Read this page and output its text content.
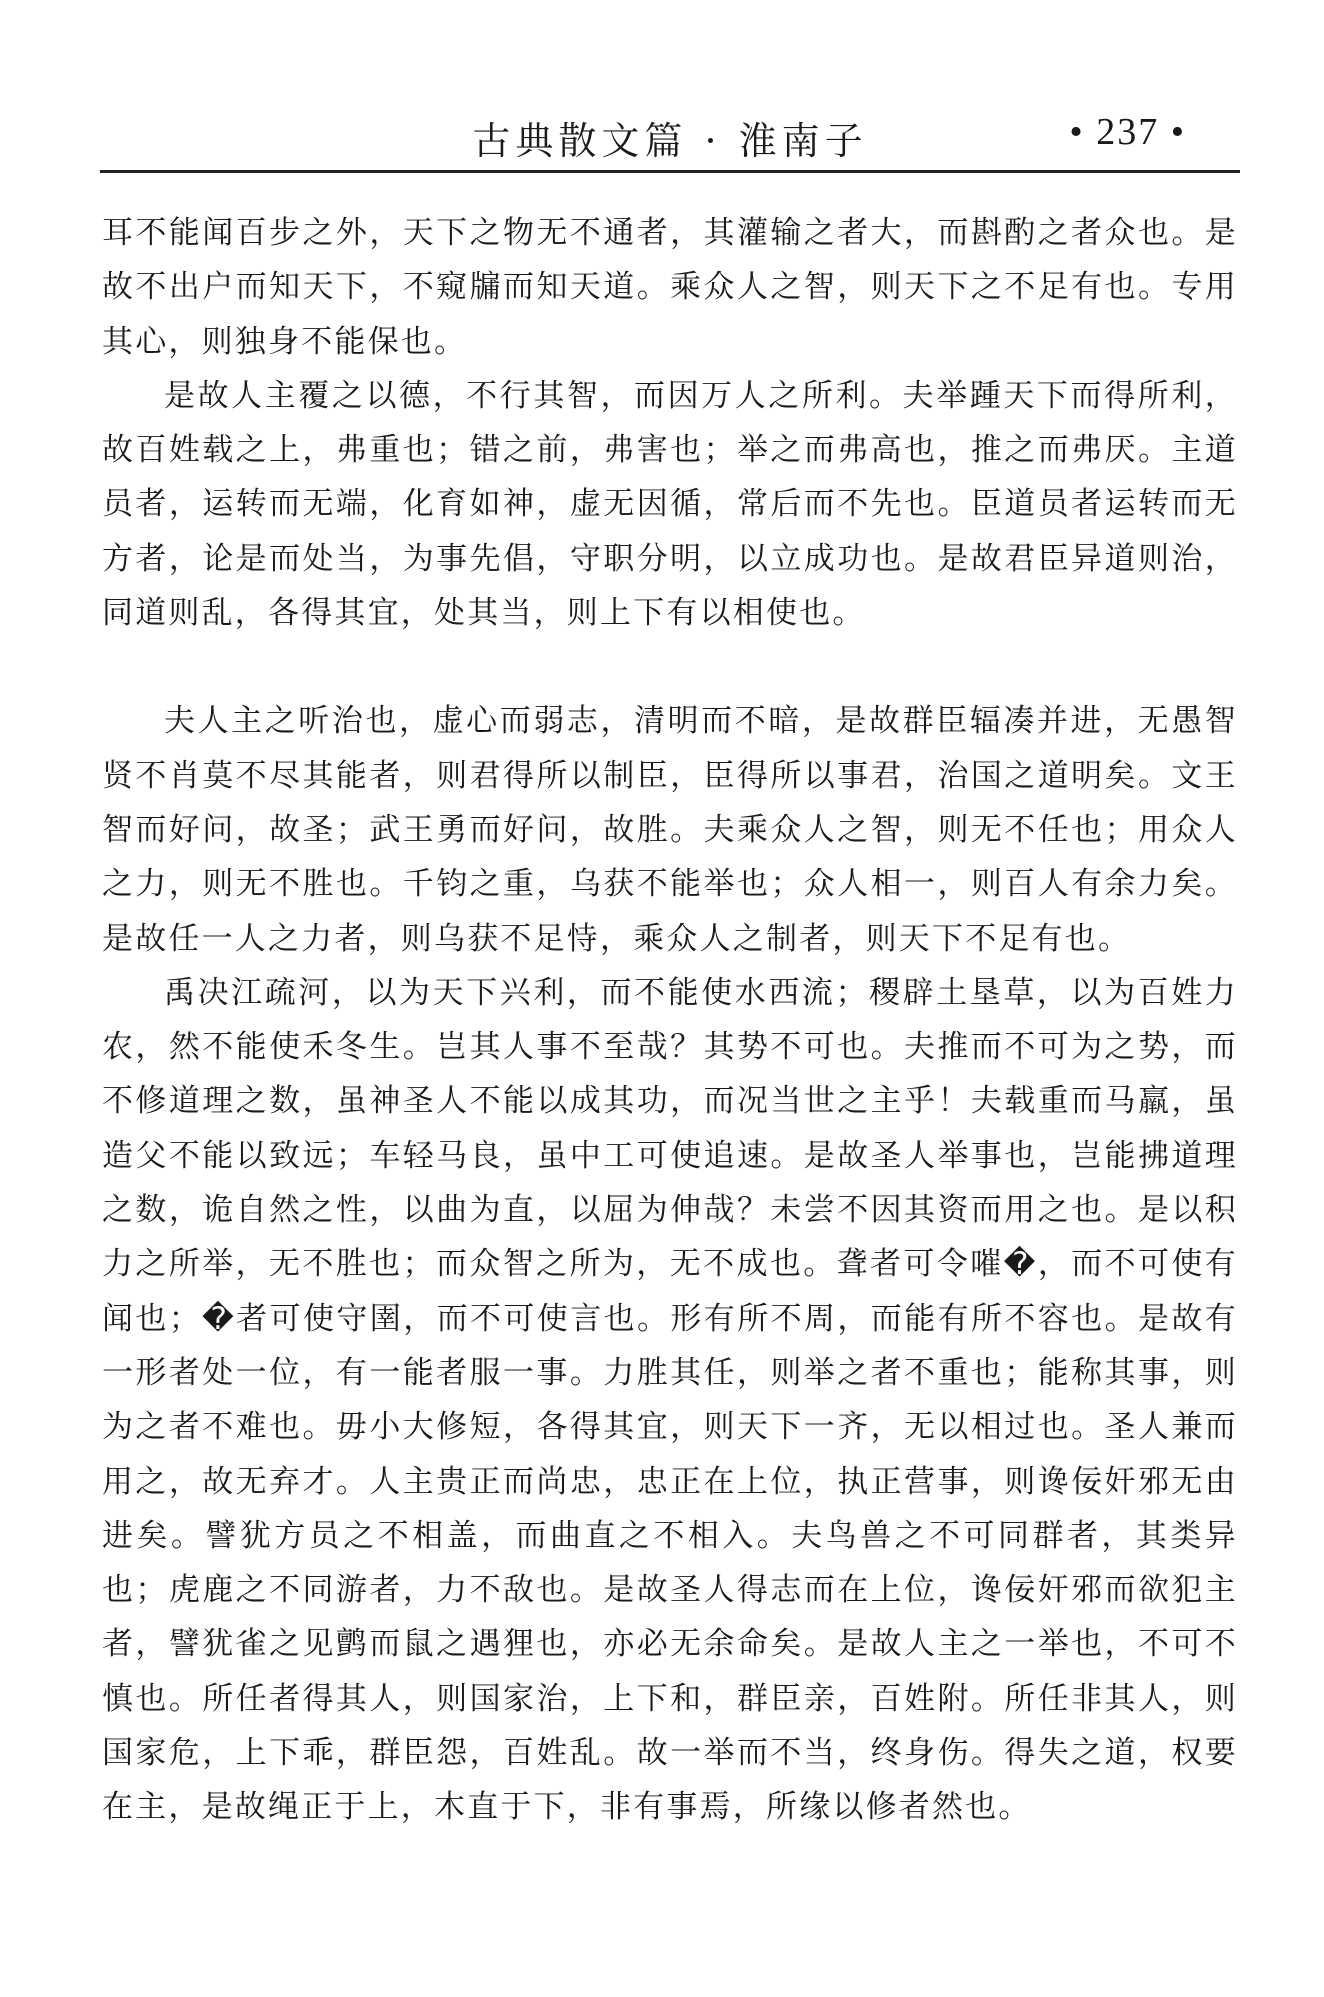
古典散文篇 · 淮南子	• 237 •

耳不能闻百步之外，天下之物无不通者，其灌输之者大，而斟酌之者众也。是故不出户而知天下，不窥牖而知天道。乘众人之智，则天下之不足有也。专用其心，则独身不能保也。

是故人主覆之以德，不行其智，而因万人之所利。夫举踵天下而得所利，故百姓载之上，弗重也；错之前，弗害也；举之而弗高也，推之而弗厌。主道员者，运转而无端，化育如神，虚无因循，常后而不先也。臣道员者运转而无方者，论是而处当，为事先倡，守职分明，以立成功也。是故君臣异道则治，同道则乱，各得其宜，处其当，则上下有以相使也。

夫人主之听治也，虚心而弱志，清明而不暗，是故群臣辐凑并进，无愚智贤不肖莫不尽其能者，则君得所以制臣，臣得所以事君，治国之道明矣。文王智而好问，故圣；武王勇而好问，故胜。夫乘众人之智，则无不任也；用众人之力，则无不胜也。千钧之重，乌获不能举也；众人相一，则百人有余力矣。是故任一人之力者，则乌获不足恃，乘众人之制者，则天下不足有也。

禹决江疏河，以为天下兴利，而不能使水西流；稷辟土垦草，以为百姓力农，然不能使禾冬生。岂其人事不至哉？其势不可也。夫推而不可为之势，而不修道理之数，虽神圣人不能以成其功，而况当世之主乎！夫载重而马羸，虽造父不能以致远；车轻马良，虽中工可使追速。是故圣人举事也，岂能拂道理之数，诡自然之性，以曲为直，以屈为伸哉？未尝不因其资而用之也。是以积力之所举，无不胜也；而众智之所为，无不成也。聋者可令嗺�，而不可使有闻也；�者可使守圉，而不可使言也。形有所不周，而能有所不容也。是故有一形者处一位，有一能者服一事。力胜其任，则举之者不重也；能称其事，则为之者不难也。毋小大修短，各得其宜，则天下一齐，无以相过也。圣人兼而用之，故无弃才。人主贵正而尚忠，忠正在上位，执正营事，则谗佞奸邪无由进矣。譬犹方员之不相盖，而曲直之不相入。夫鸟兽之不可同群者，其类异也；虎鹿之不同游者，力不敌也。是故圣人得志而在上位，谗佞奸邪而欲犯主者，譬犹雀之见鹯而鼠之遇狸也，亦必无余命矣。是故人主之一举也，不可不慎也。所任者得其人，则国家治，上下和，群臣亲，百姓附。所任非其人，则国家危，上下乖，群臣怨，百姓乱。故一举而不当，终身伤。得失之道，权要在主，是故绳正于上，木直于下，非有事焉，所缘以修者然也。
